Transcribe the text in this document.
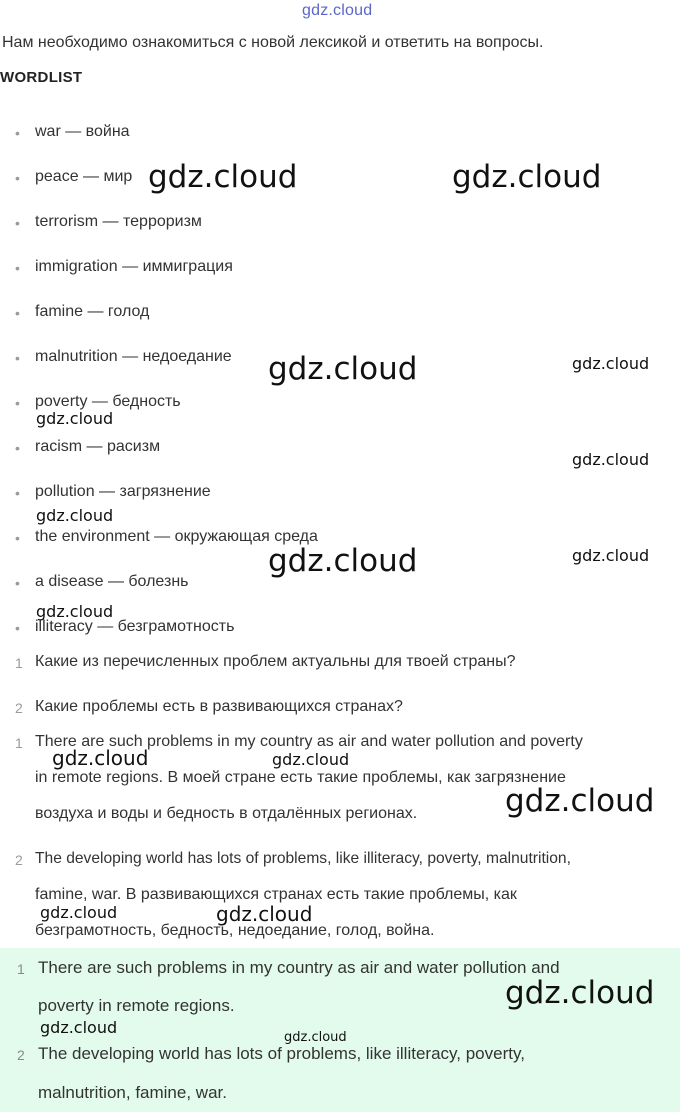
gdz.cloud
Нам необходимо ознакомиться с новой лексикой и ответить на вопросы.
WORDLIST
• war — война
• peace — мир
• terrorism — терроризм
• immigration — иммиграция
• famine — голод
• malnutrition — недоедание
• poverty — бедность
• racism — расизм
• pollution — загрязнение
• the environment — окружающая среда
• a disease — болезнь
• illiteracy — безграмотность
1 Какие из перечисленных проблем актуальны для твоей страны?
2 Какие проблемы есть в развивающихся странах?
1 There are such problems in my country as air and water pollution and poverty
in remote regions. В моей стране есть такие проблемы, как загрязнение
воздуха и воды и бедность в отдалённых регионах.
2 The developing world has lots of problems, like illiteracy, poverty, malnutrition,
famine, war. В развивающихся странах есть такие проблемы, как
безграмотность, бедность, недоедание, голод, война.
1 There are such problems in my country as air and water pollution and
poverty in remote regions.
2 The developing world has lots of problems, like illiteracy, poverty,
malnutrition, famine, war.
gdz.cloud	gdz.cloud
gdz.cloud	gdz.cloud
gdz.cloud
gdz.cloud
gdz.cloud
gdz.cloud	gdz.cloud
gdz.cloud
gdz.cloud	gdz.cloud
gdz.cloud
gdz.cloud	gdz.cloud
gdz.cloud
gdz.cloud
gdz.cloud
